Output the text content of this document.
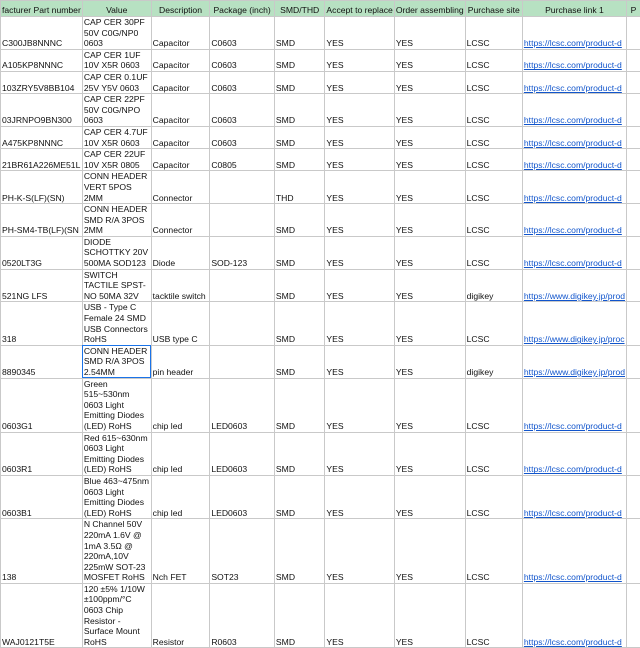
facturer Part number	Value	Description	Package (inch)	SMD/THD	Accept to replace	Order assembling	Purchase site	Purchase link 1	P
C300JB8NNNC	CAP CER 30PF 50V C0G/NP0 0603	Capacitor	C0603	SMD	YES	YES	LCSC	https://lcsc.com/product-d	
A105KP8NNNC	CAP CER 1UF 10V X5R 0603	Capacitor	C0603	SMD	YES	YES	LCSC	https://lcsc.com/product-d	
103ZRY5V8BB104	CAP CER 0.1UF 25V Y5V 0603	Capacitor	C0603	SMD	YES	YES	LCSC	https://lcsc.com/product-d	
03JRNPO9BN300	CAP CER 22PF 50V C0G/NPO 0603	Capacitor	C0603	SMD	YES	YES	LCSC	https://lcsc.com/product-d	
A475KP8NNNC	CAP CER 4.7UF 10V X5R 0603	Capacitor	C0603	SMD	YES	YES	LCSC	https://lcsc.com/product-d	
21BR61A226ME51L	CAP CER 22UF 10V X5R 0805	Capacitor	C0805	SMD	YES	YES	LCSC	https://lcsc.com/product-d	
PH-K-S(LF)(SN)	CONN HEADER VERT 5POS 2MM	Connector		THD	YES	YES	LCSC	https://lcsc.com/product-d	
PH-SM4-TB(LF)(SN	CONN HEADER SMD R/A 3POS 2MM	Connector		SMD	YES	YES	LCSC	https://lcsc.com/product-d	
0520LT3G	DIODE SCHOTTKY 20V 500MA SOD123	Diode	SOD-123	SMD	YES	YES	LCSC	https://lcsc.com/product-d	
521NG LFS	SWITCH TACTILE SPST-NO 50MA 32V	tacktile switch		SMD	YES	YES	digikey	https://www.digikey.jp/prod	
318	USB - Type C Female 24 SMD USB Connectors RoHS	USB type C		SMD	YES	YES	LCSC	https://www.digikey.jp/proc	
8890345	CONN HEADER SMD R/A 3POS 2.54MM	pin header		SMD	YES	YES	digikey	https://www.digikey.jp/prod	
0603G1	Green 515~530nm 0603 Light Emitting Diodes (LED) RoHS	chip led	LED0603	SMD	YES	YES	LCSC	https://lcsc.com/product-d	
0603R1	Red 615~630nm 0603 Light Emitting Diodes (LED) RoHS	chip led	LED0603	SMD	YES	YES	LCSC	https://lcsc.com/product-d	
0603B1	Blue 463~475nm 0603 Light Emitting Diodes (LED) RoHS	chip led	LED0603	SMD	YES	YES	LCSC	https://lcsc.com/product-d	
138	N Channel 50V 220mA 1.6V @ 1mA 3.5Ω @ 220mA,10V 225mW SOT-23 MOSFET RoHS	Nch FET	SOT23	SMD	YES	YES	LCSC	https://lcsc.com/product-d	
WAJ0121T5E	120 ±5% 1/10W ±100ppm/°C 0603 Chip Resistor - Surface Mount RoHS	Resistor	R0603	SMD	YES	YES	LCSC	https://lcsc.com/product-d	
